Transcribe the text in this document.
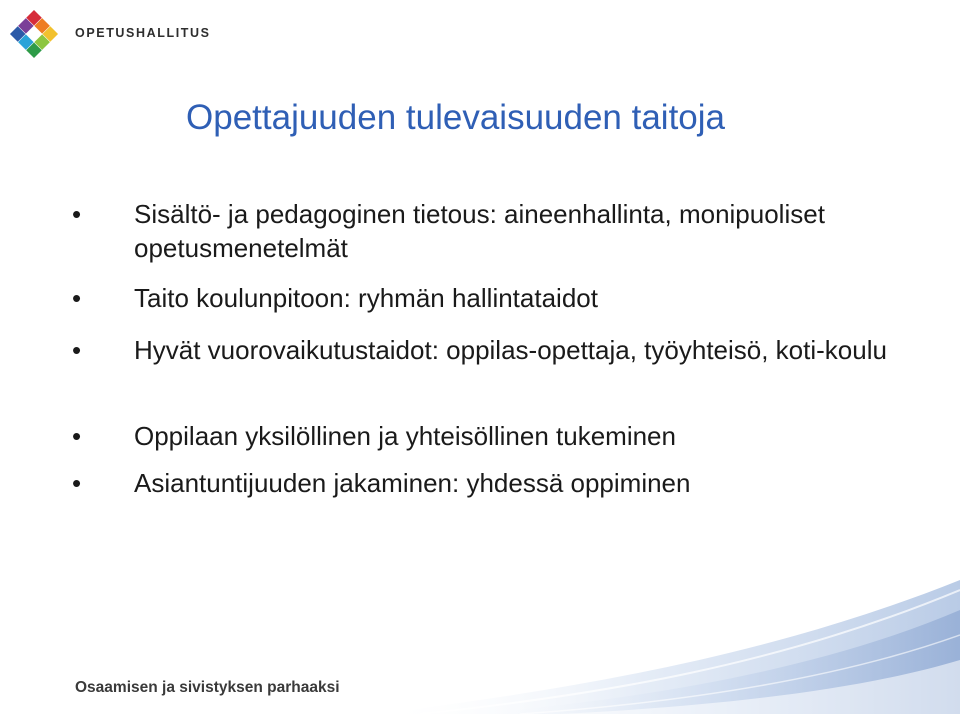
OPETUSHALLITUS
Opettajuuden tulevaisuuden taitoja
• Sisältö- ja pedagoginen tietous: aineenhallinta, monipuoliset opetusmenetelmät
• Taito koulunpitoon: ryhmän hallintataidot
• Hyvät vuorovaikutustaidot: oppilas-opettaja, työyhteisö, koti-koulu
• Oppilaan yksilöllinen ja yhteisöllinen tukeminen
• Asiantuntijuuden jakaminen: yhdessä oppiminen
Osaamisen ja sivistyksen parhaaksi
